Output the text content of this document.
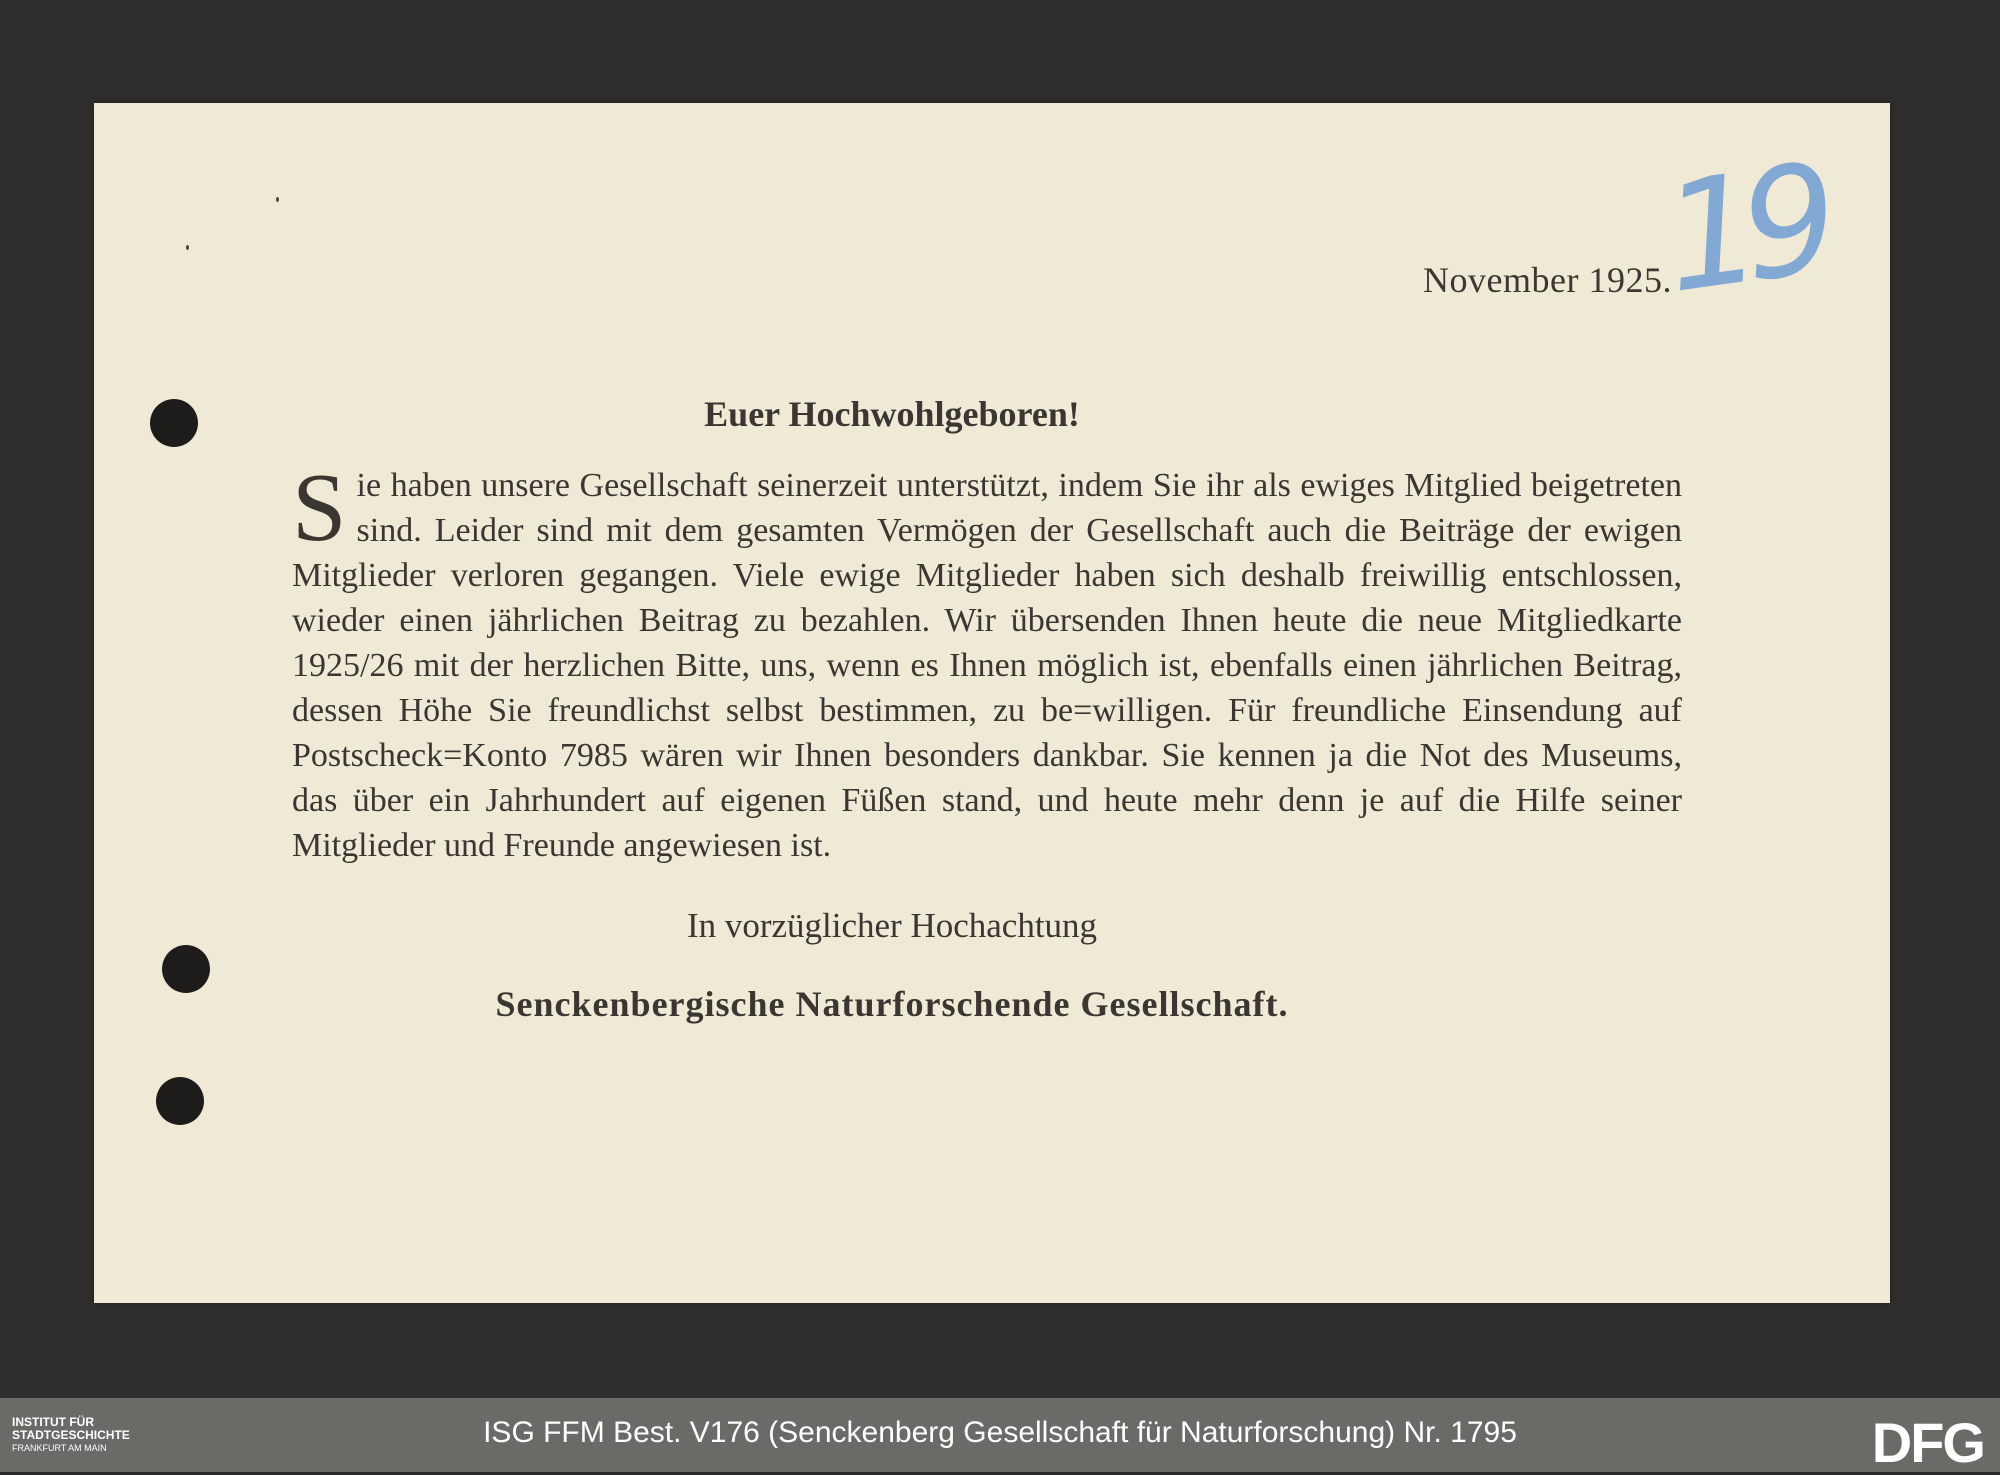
November 1925.
19
Euer Hochwohlgeboren!
S ie haben unsere Gesellschaft seinerzeit unterstützt, indem Sie ihr als ewiges Mitglied beigetreten sind. Leider sind mit dem gesamten Vermögen der Gesellschaft auch die Beiträge der ewigen Mitglieder verloren gegangen. Viele ewige Mitglieder haben sich deshalb freiwillig entschlossen, wieder einen jährlichen Beitrag zu bezahlen. Wir übersenden Ihnen heute die neue Mitgliedkarte 1925/26 mit der herzlichen Bitte, uns, wenn es Ihnen möglich ist, ebenfalls einen jährlichen Beitrag, dessen Höhe Sie freundlichst selbst bestimmen, zu be=willigen. Für freundliche Einsendung auf Postscheck=Konto 7985 wären wir Ihnen besonders dankbar. Sie kennen ja die Not des Museums, das über ein Jahrhundert auf eigenen Füßen stand, und heute mehr denn je auf die Hilfe seiner Mitglieder und Freunde angewiesen ist.
In vorzüglicher Hochachtung
Senckenbergische Naturforschende Gesellschaft.
INSTITUT FÜR
STADTGESCHICHTE
FRANKFURT AM MAIN	ISG FFM Best. V176 (Senckenberg Gesellschaft für Naturforschung) Nr. 1795	DFG
